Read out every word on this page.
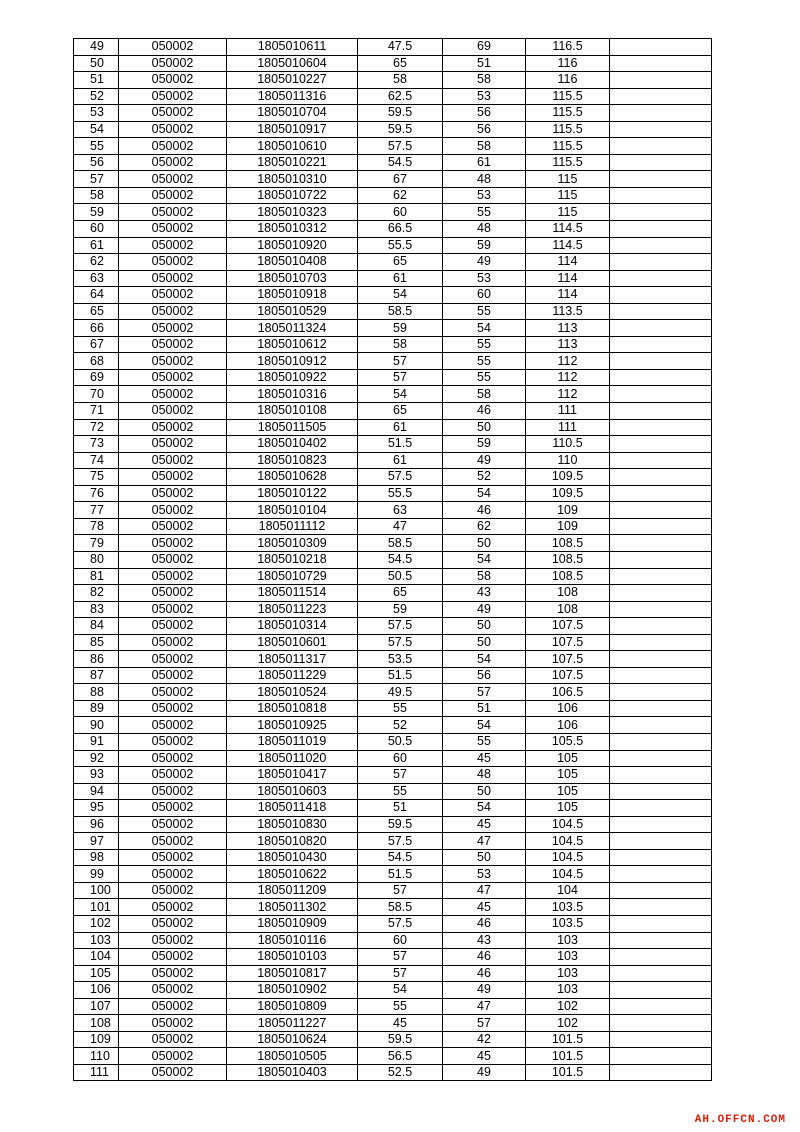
49	050002	1805010611	47.5	69	116.5	
50	050002	1805010604	65	51	116	
51	050002	1805010227	58	58	116	
52	050002	1805011316	62.5	53	115.5	
53	050002	1805010704	59.5	56	115.5	
54	050002	1805010917	59.5	56	115.5	
55	050002	1805010610	57.5	58	115.5	
56	050002	1805010221	54.5	61	115.5	
57	050002	1805010310	67	48	115	
58	050002	1805010722	62	53	115	
59	050002	1805010323	60	55	115	
60	050002	1805010312	66.5	48	114.5	
61	050002	1805010920	55.5	59	114.5	
62	050002	1805010408	65	49	114	
63	050002	1805010703	61	53	114	
64	050002	1805010918	54	60	114	
65	050002	1805010529	58.5	55	113.5	
66	050002	1805011324	59	54	113	
67	050002	1805010612	58	55	113	
68	050002	1805010912	57	55	112	
69	050002	1805010922	57	55	112	
70	050002	1805010316	54	58	112	
71	050002	1805010108	65	46	111	
72	050002	1805011505	61	50	111	
73	050002	1805010402	51.5	59	110.5	
74	050002	1805010823	61	49	110	
75	050002	1805010628	57.5	52	109.5	
76	050002	1805010122	55.5	54	109.5	
77	050002	1805010104	63	46	109	
78	050002	1805011112	47	62	109	
79	050002	1805010309	58.5	50	108.5	
80	050002	1805010218	54.5	54	108.5	
81	050002	1805010729	50.5	58	108.5	
82	050002	1805011514	65	43	108	
83	050002	1805011223	59	49	108	
84	050002	1805010314	57.5	50	107.5	
85	050002	1805010601	57.5	50	107.5	
86	050002	1805011317	53.5	54	107.5	
87	050002	1805011229	51.5	56	107.5	
88	050002	1805010524	49.5	57	106.5	
89	050002	1805010818	55	51	106	
90	050002	1805010925	52	54	106	
91	050002	1805011019	50.5	55	105.5	
92	050002	1805011020	60	45	105	
93	050002	1805010417	57	48	105	
94	050002	1805010603	55	50	105	
95	050002	1805011418	51	54	105	
96	050002	1805010830	59.5	45	104.5	
97	050002	1805010820	57.5	47	104.5	
98	050002	1805010430	54.5	50	104.5	
99	050002	1805010622	51.5	53	104.5	
100	050002	1805011209	57	47	104	
101	050002	1805011302	58.5	45	103.5	
102	050002	1805010909	57.5	46	103.5	
103	050002	1805010116	60	43	103	
104	050002	1805010103	57	46	103	
105	050002	1805010817	57	46	103	
106	050002	1805010902	54	49	103	
107	050002	1805010809	55	47	102	
108	050002	1805011227	45	57	102	
109	050002	1805010624	59.5	42	101.5	
110	050002	1805010505	56.5	45	101.5	
111	050002	1805010403	52.5	49	101.5	
AH.OFFCN.COM
